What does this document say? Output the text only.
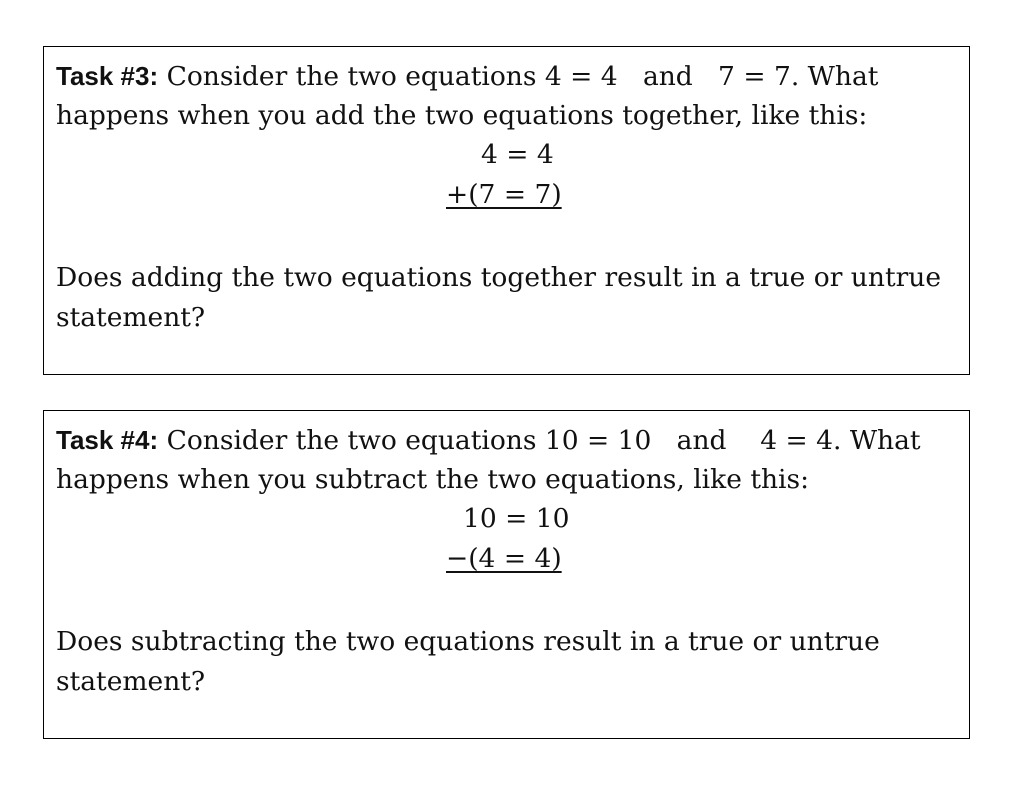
Task #3: Consider the two equations 4 = 4   and   7 = 7. What happens when you add the two equations together, like this:

4 = 4
+(7 = 7)

Does adding the two equations together result in a true or untrue statement?

Task #4: Consider the two equations 10 = 10   and    4 = 4. What happens when you subtract the two equations, like this:

10 = 10
−(4 = 4)

Does subtracting the two equations result in a true or untrue statement?
